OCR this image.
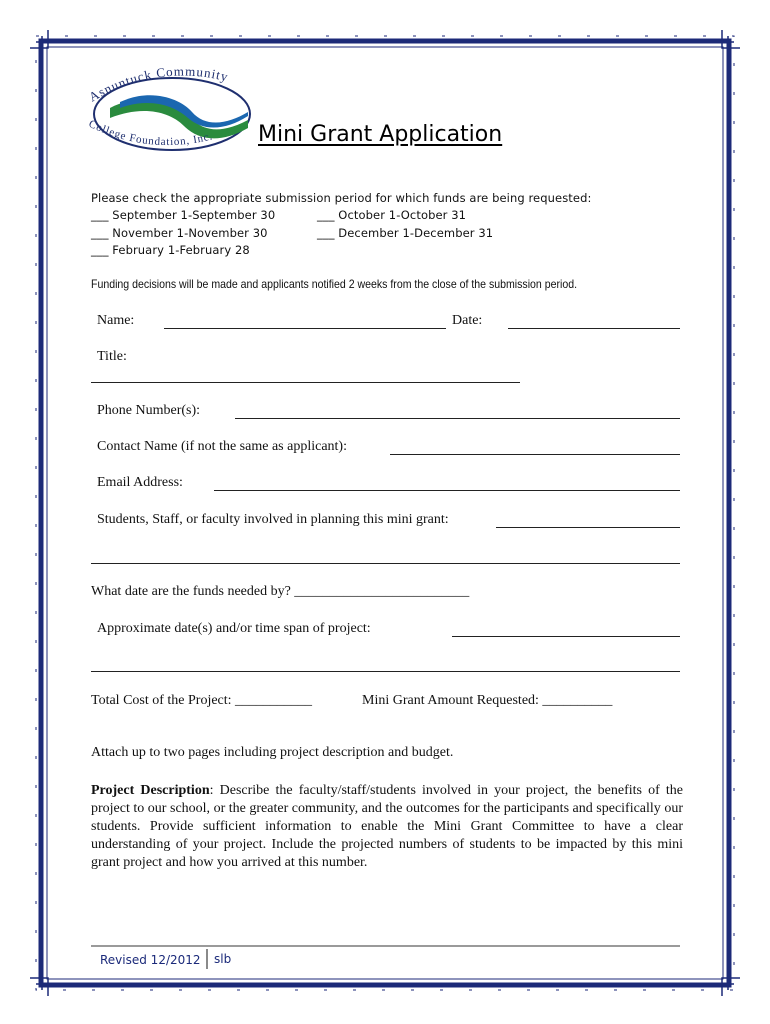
Asnuntuck Community
College Foundation, Inc. Mini Grant Application
Please check the appropriate submission period for which funds are being requested:
___ September 1-September 30	___ October 1-October 31
___ November 1-November 30	___ December 1-December 31
___ February 1-February 28
Funding decisions will be made and applicants notified 2 weeks from the close of the submission period.
Name:	Date:
Title:
Phone Number(s):
Contact Name (if not the same as applicant):
Email Address:
Students, Staff, or faculty involved in planning this mini grant:
What date are the funds needed by? _________________________
Approximate date(s) and/or time span of project:
Total Cost of the Project: ___________	Mini Grant Amount Requested: __________
Attach up to two pages including project description and budget.
Project Description: Describe the faculty/staff/students involved in your project, the benefits of the project to our school, or the greater community, and the outcomes for the participants and specifically our students. Provide sufficient information to enable the Mini Grant Committee to have a clear understanding of your project. Include the projected numbers of students to be impacted by this mini grant project and how you arrived at this number.
Revised 12/2012 slb
